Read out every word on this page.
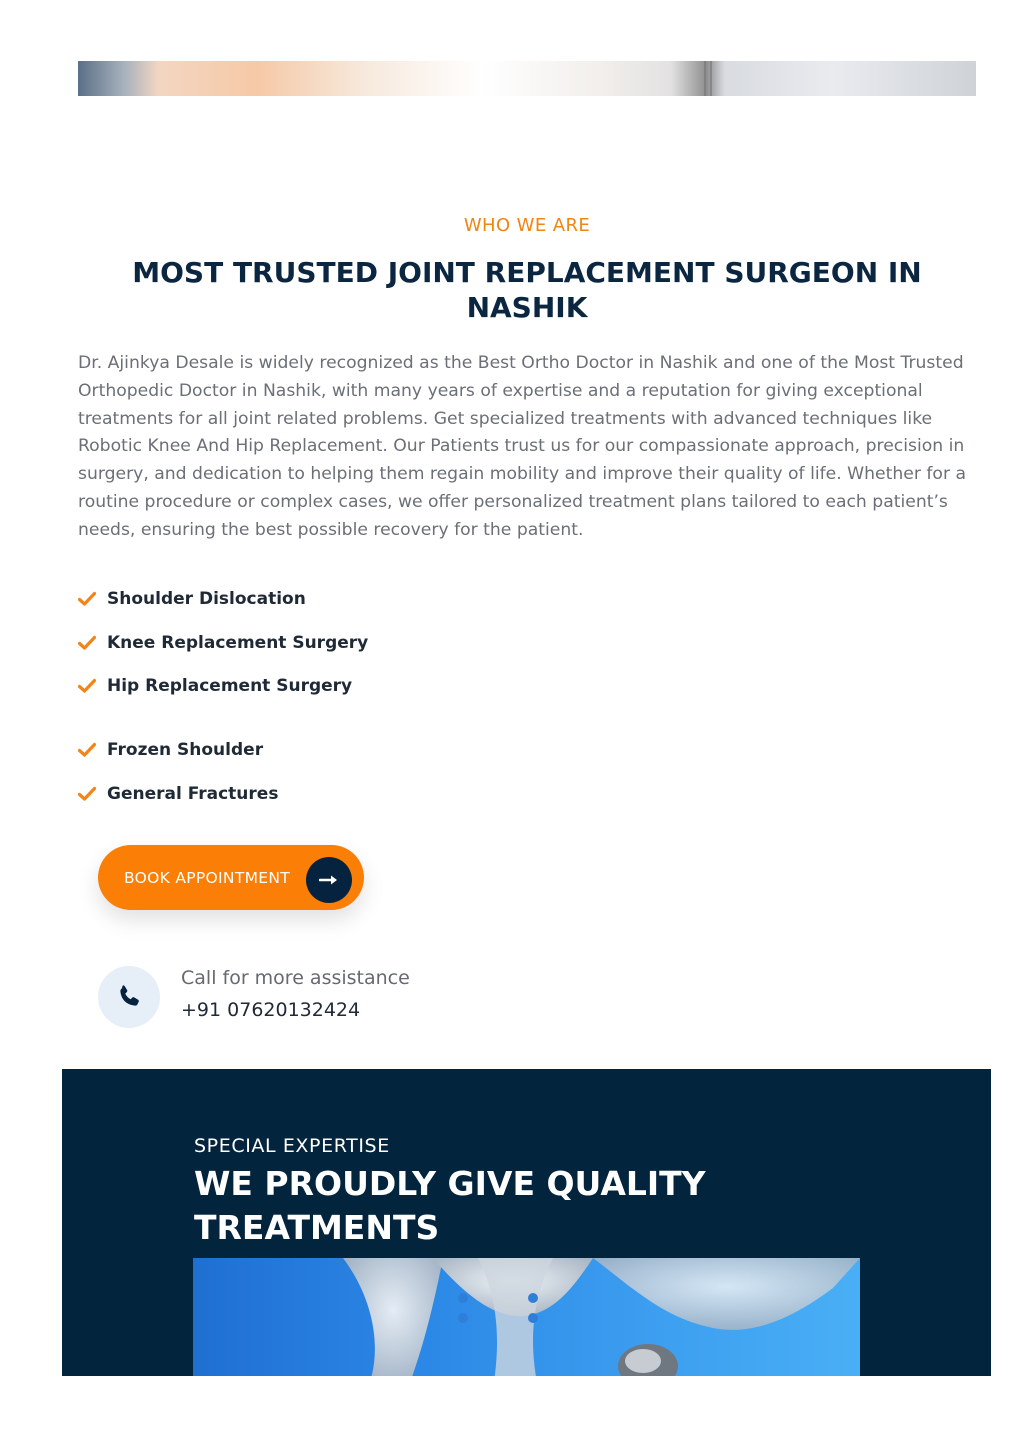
WHO WE ARE
MOST TRUSTED JOINT REPLACEMENT SURGEON IN NASHIK

Dr. Ajinkya Desale is widely recognized as the Best Ortho Doctor in Nashik and one of the Most Trusted Orthopedic Doctor in Nashik, with many years of expertise and a reputation for giving exceptional treatments for all joint related problems. Get specialized treatments with advanced techniques like Robotic Knee And Hip Replacement. Our Patients trust us for our compassionate approach, precision in surgery, and dedication to helping them regain mobility and improve their quality of life. Whether for a routine procedure or complex cases, we offer personalized treatment plans tailored to each patient’s needs, ensuring the best possible recovery for the patient.

Shoulder Dislocation
Knee Replacement Surgery
Hip Replacement Surgery
Frozen Shoulder
General Fractures
BOOK APPOINTMENT
Call for more assistance
+91 07620132424
SPECIAL EXPERTISE
WE PROUDLY GIVE QUALITY TREATMENTS
